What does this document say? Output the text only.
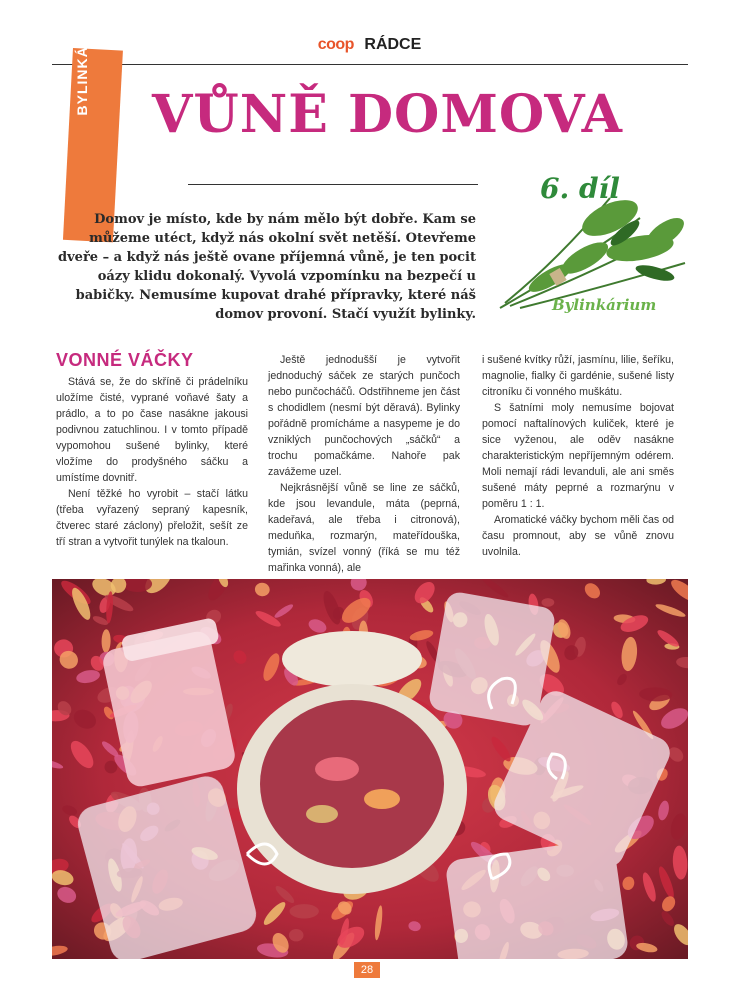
coop RÁDCE
BYLINKÁRIUM VŮNĚ DOMOVA
6. díl
Bylinkárium
Domov je místo, kde by nám mělo být dobře. Kam se můžeme utéct, když nás okolní svět netěší. Otevřeme dveře – a když nás ještě ovane příjemná vůně, je ten pocit oázy klidu dokonalý. Vyvolá vzpomínku na bezpečí u babičky. Nemusíme kupovat drahé přípravky, které náš domov provoní. Stačí využít bylinky.
VONNÉ VÁČKY

Stává se, že do skříně či prádelníku uložíme čisté, vyprané voňavé šaty a prádlo, a to po čase nasákne jakousi podivnou zatuchlinou. I v tomto případě vypomohou sušené bylinky, které vložíme do prodyšného sáčku a umístíme dovnitř.

Není těžké ho vyrobit – stačí látku (třeba vyřazený sepraný kapesník, čtverec staré záclony) přeložit, sešít ze tří stran a vytvořit tunýlek na tkaloun.

Ještě jednodušší je vytvořit jednoduchý sáček ze starých punčoch nebo punčocháčů. Odstřihneme jen část s chodidlem (nesmí být děravá). Bylinky pořádně promícháme a nasypeme je do vzniklých punčochových „sáčků“ a trochu pomačkáme. Nahoře pak zavážeme uzel.

Nejkrásnější vůně se line ze sáčků, kde jsou levandule, máta (peprná, kadeřavá, ale třeba i citronová), meduňka, rozmarýn, mateřídouška, tymián, svízel vonný (říká se mu též mařinka vonná), ale

i sušené kvítky růží, jasmínu, lilie, šeříku, magnolie, fialky či gardénie, sušené listy citroníku či vonného muškátu.

S šatními moly nemusíme bojovat pomocí naftalínových kuliček, které je sice vyženou, ale oděv nasákne charakteristickým nepříjemným odérem. Moli nemají rádi levanduli, ale ani směs sušené máty peprné a rozmarýnu v poměru 1 : 1.

Aromatické váčky bychom měli čas od času promnout, aby se vůně znovu uvolnila.

28
